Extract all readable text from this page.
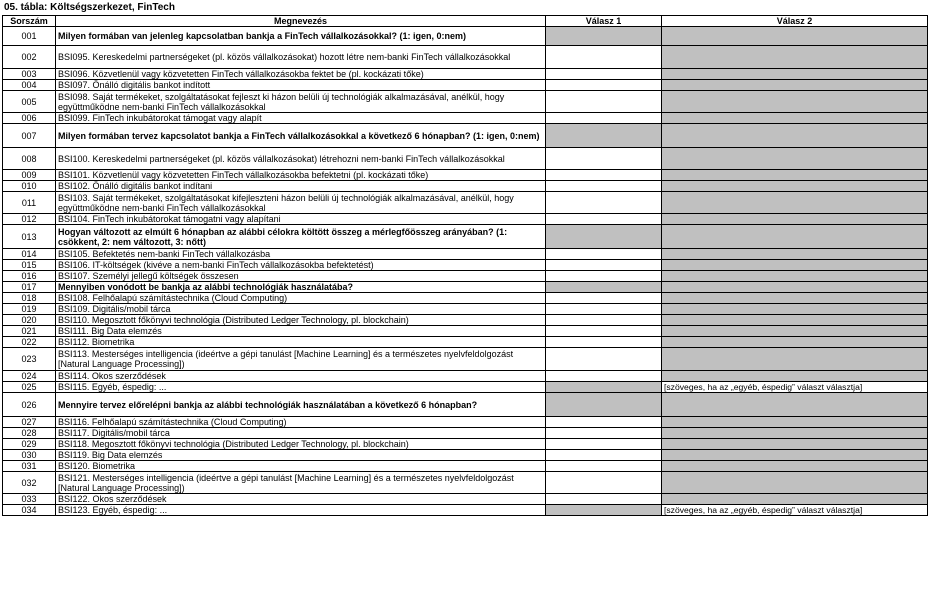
05. tábla: Költségszerkezet, FinTech
Sorszám	Megnevezés	Válasz 1	Válasz 2
001	Milyen formában van jelenleg kapcsolatban bankja a FinTech vállalkozásokkal? (1: igen, 0:nem)		
002	BSI095. Kereskedelmi partnerségeket (pl. közös vállalkozásokat) hozott létre nem-banki FinTech vállalkozásokkal		
003	BSI096. Közvetlenül vagy közvetetten FinTech vállalkozásokba fektet be (pl. kockázati tőke)		
004	BSI097. Önálló digitális bankot indított		
005	BSI098. Saját termékeket, szolgáltatásokat fejleszt ki házon belüli új technológiák alkalmazásával, anélkül, hogy együttműködne nem-banki FinTech vállalkozásokkal		
006	BSI099. FinTech inkubátorokat támogat vagy alapít		
007	Milyen formában tervez kapcsolatot bankja a FinTech vállalkozásokkal a következő 6 hónapban? (1: igen, 0:nem)		
008	BSI100. Kereskedelmi partnerségeket (pl. közös vállalkozásokat) létrehozni nem-banki FinTech vállalkozásokkal		
009	BSI101. Közvetlenül vagy közvetetten FinTech vállalkozásokba befektetni (pl. kockázati tőke)		
010	BSI102. Önálló digitális bankot indítani		
011	BSI103. Saját termékeket, szolgáltatásokat kifejleszteni házon belüli új technológiák alkalmazásával, anélkül, hogy együttműködne nem-banki FinTech vállalkozásokkal		
012	BSI104. FinTech inkubátorokat támogatni vagy alapítani		
013	Hogyan változott az elmúlt 6 hónapban az alábbi célokra költött összeg a mérlegfőösszeg arányában? (1: csökkent, 2: nem változott, 3: nőtt)		
014	BSI105. Befektetés nem-banki FinTech vállalkozásba		
015	BSI106. IT-költségek (kivéve a nem-banki FinTech vállalkozásokba befektetést)		
016	BSI107. Személyi jellegű költségek összesen		
017	Mennyiben vonódott be bankja az alábbi technológiák használatába?		
018	BSI108. Felhőalapú számítástechnika (Cloud Computing)		
019	BSI109. Digitális/mobil tárca		
020	BSI110. Megosztott főkönyvi technológia (Distributed Ledger Technology, pl. blockchain)		
021	BSI111. Big Data elemzés		
022	BSI112. Biometrika		
023	BSI113. Mesterséges intelligencia (ideértve a gépi tanulást [Machine Learning] és a természetes nyelvfeldolgozást [Natural Language Processing])		
024	BSI114. Okos szerződések		
025	BSI115. Egyéb, éspedig: ...		[szöveges, ha az „egyéb, éspedig” választ választja]
026	Mennyire tervez előrelépni bankja az alábbi technológiák használatában a következő 6 hónapban?		
027	BSI116. Felhőalapú számítástechnika (Cloud Computing)		
028	BSI117. Digitális/mobil tárca		
029	BSI118. Megosztott főkönyvi technológia (Distributed Ledger Technology, pl. blockchain)		
030	BSI119. Big Data elemzés		
031	BSI120. Biometrika		
032	BSI121. Mesterséges intelligencia (ideértve a gépi tanulást [Machine Learning] és a természetes nyelvfeldolgozást [Natural Language Processing])		
033	BSI122. Okos szerződések		
034	BSI123. Egyéb, éspedig: ...		[szöveges, ha az „egyéb, éspedig” választ választja]
